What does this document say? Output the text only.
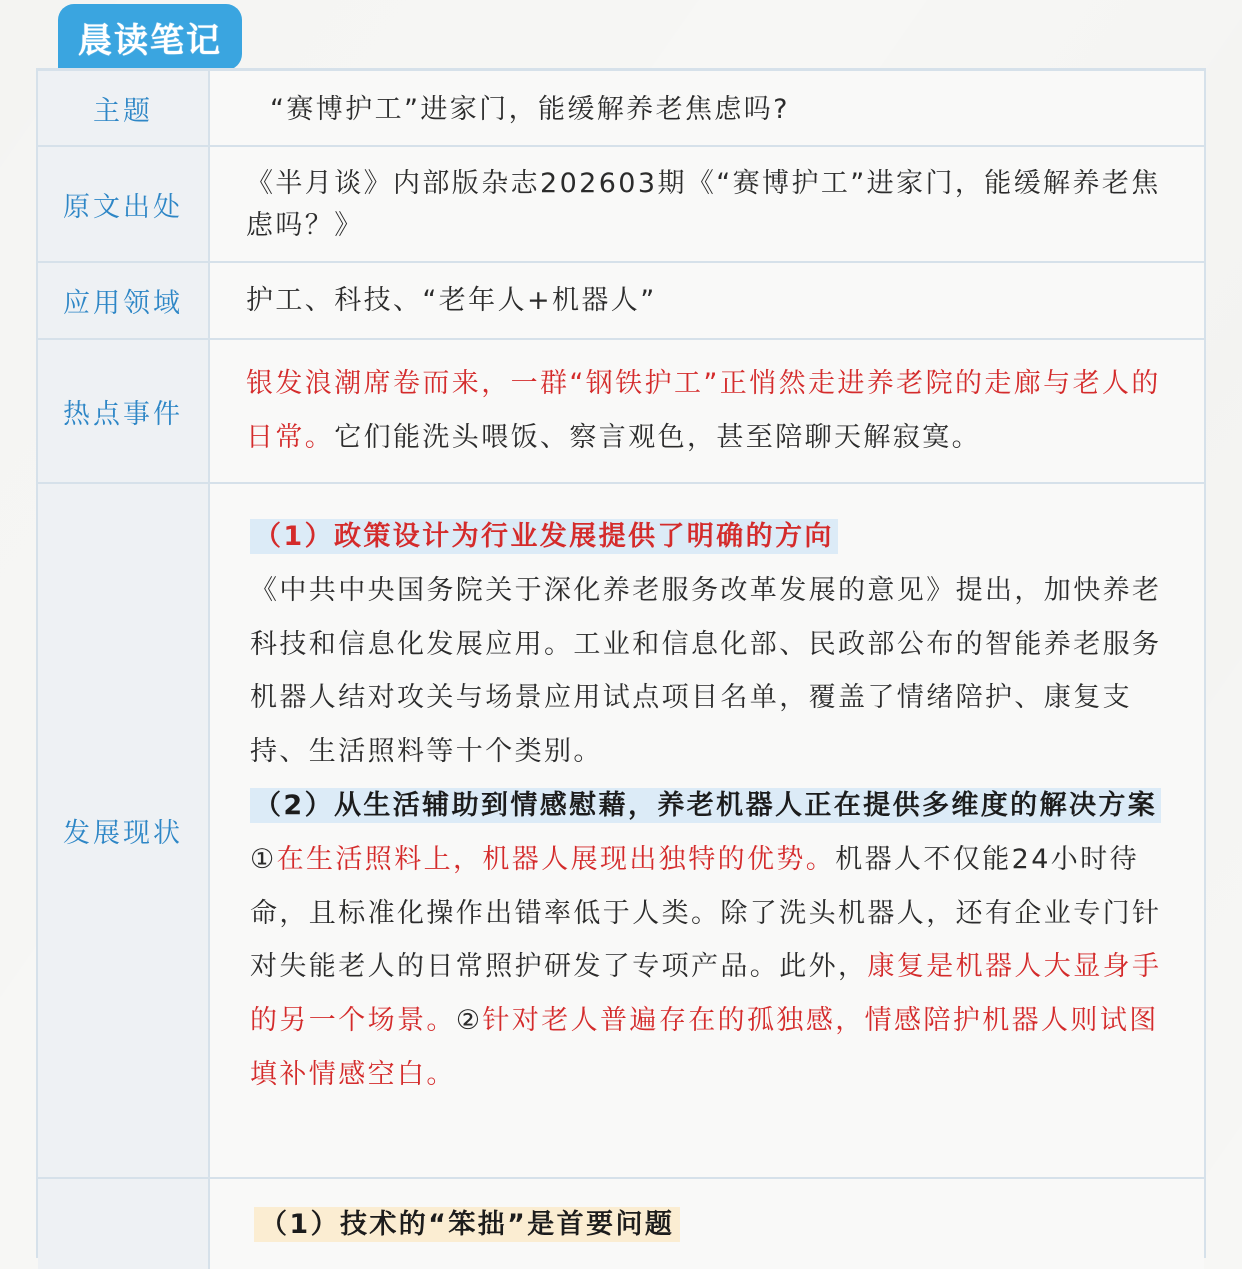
晨读笔记
主题	“赛博护工”进家门，能缓解养老焦虑吗?
原文出处
《半月谈》内部版杂志202603期《“赛博护工”进家门，能缓解养老焦虑吗？》
应用领域	护工、科技、“老年人+机器人”
热点事件
银发浪潮席卷而来，一群“钢铁护工”正悄然走进养老院的走廊与老人的日常。它们能洗头喂饭、察言观色，甚至陪聊天解寂寞。
发展现状
（1）政策设计为行业发展提供了明确的方向
《中共中央国务院关于深化养老服务改革发展的意见》提出，加快养老科技和信息化发展应用。工业和信息化部、民政部公布的智能养老服务机器人结对攻关与场景应用试点项目名单，覆盖了情绪陪护、康复支持、生活照料等十个类别。
（2）从生活辅助到情感慰藉，养老机器人正在提供多维度的解决方案
①在生活照料上，机器人展现出独特的优势。机器人不仅能24小时待命，且标准化操作出错率低于人类。除了洗头机器人，还有企业专门针对失能老人的日常照护研发了专项产品。此外，康复是机器人大显身手的另一个场景。②针对老人普遍存在的孤独感，情感陪护机器人则试图填补情感空白。
（1）技术的“笨拙”是首要问题
